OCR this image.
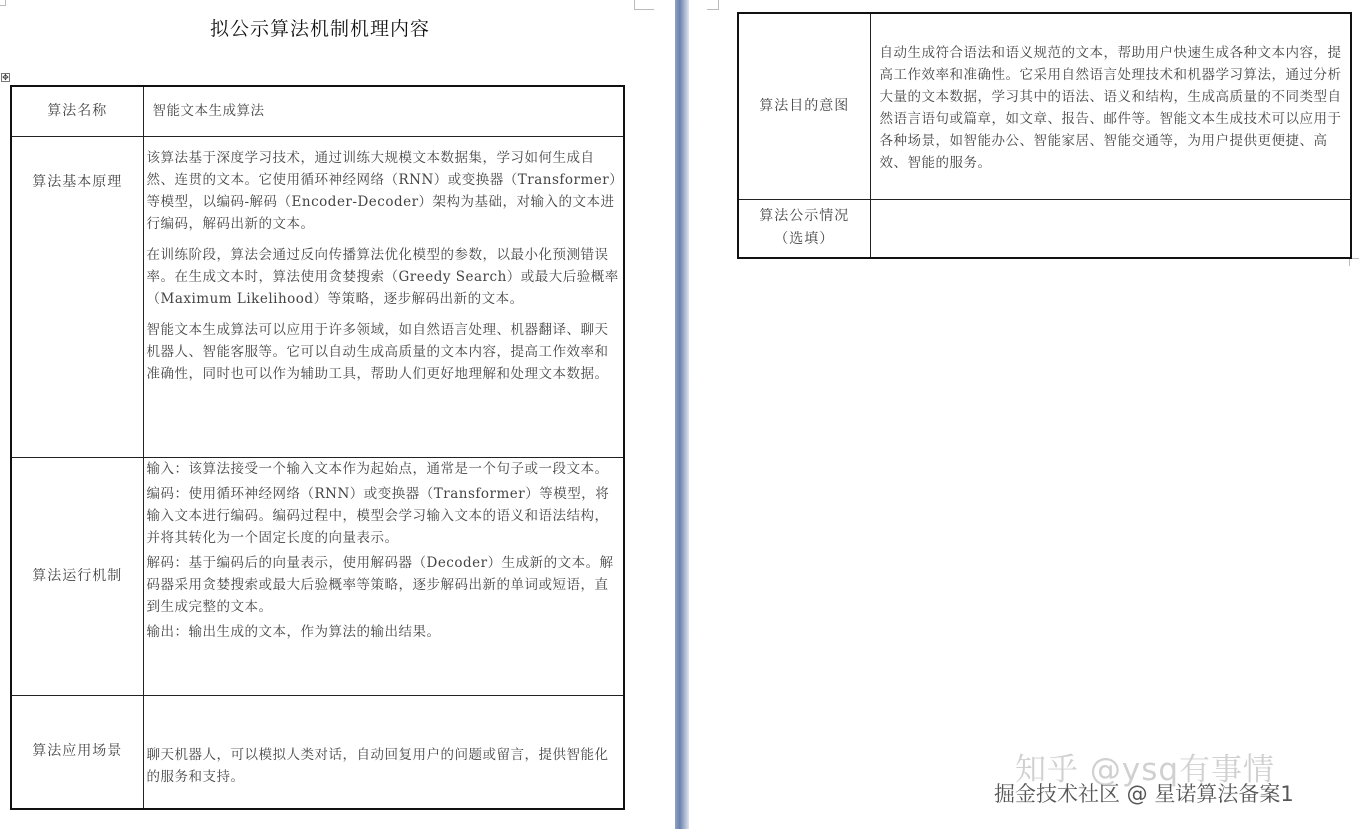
拟公示算法机制机理内容
✥
算法名称	智能文本生成算法

算法基本原理	该算法基于深度学习技术，通过训练大规模文本数据集，学习如何生成自然、连贯的文本。它使用循环神经网络（RNN）或变换器（Transformer）等模型，以编码-解码（Encoder-Decoder）架构为基础，对输入的文本进行编码，解码出新的文本。

在训练阶段，算法会通过反向传播算法优化模型的参数，以最小化预测错误率。在生成文本时，算法使用贪婪搜索（Greedy Search）或最大后验概率（Maximum Likelihood）等策略，逐步解码出新的文本。

智能文本生成算法可以应用于许多领域，如自然语言处理、机器翻译、聊天机器人、智能客服等。它可以自动生成高质量的文本内容，提高工作效率和准确性，同时也可以作为辅助工具，帮助人们更好地理解和处理文本数据。

算法运行机制	输入：该算法接受一个输入文本作为起始点，通常是一个句子或一段文本。

编码：使用循环神经网络（RNN）或变换器（Transformer）等模型，将输入文本进行编码。编码过程中，模型会学习输入文本的语义和语法结构，并将其转化为一个固定长度的向量表示。

解码：基于编码后的向量表示，使用解码器（Decoder）生成新的文本。解码器采用贪婪搜索或最大后验概率等策略，逐步解码出新的单词或短语，直到生成完整的文本。

输出：输出生成的文本，作为算法的输出结果。

算法应用场景	聊天机器人，可以模拟人类对话，自动回复用户的问题或留言，提供智能化的服务和支持。

算法目的意图	自动生成符合语法和语义规范的文本，帮助用户快速生成各种文本内容，提高工作效率和准确性。它采用自然语言处理技术和机器学习算法，通过分析大量的文本数据，学习其中的语法、语义和结构，生成高质量的不同类型自然语言语句或篇章，如文章、报告、邮件等。智能文本生成技术可以应用于各种场景，如智能办公、智能家居、智能交通等，为用户提供更便捷、高效、智能的服务。

算法公示情况
（选填）	

知乎 @ysq有事情
掘金技术社区 @ 星诺算法备案1
